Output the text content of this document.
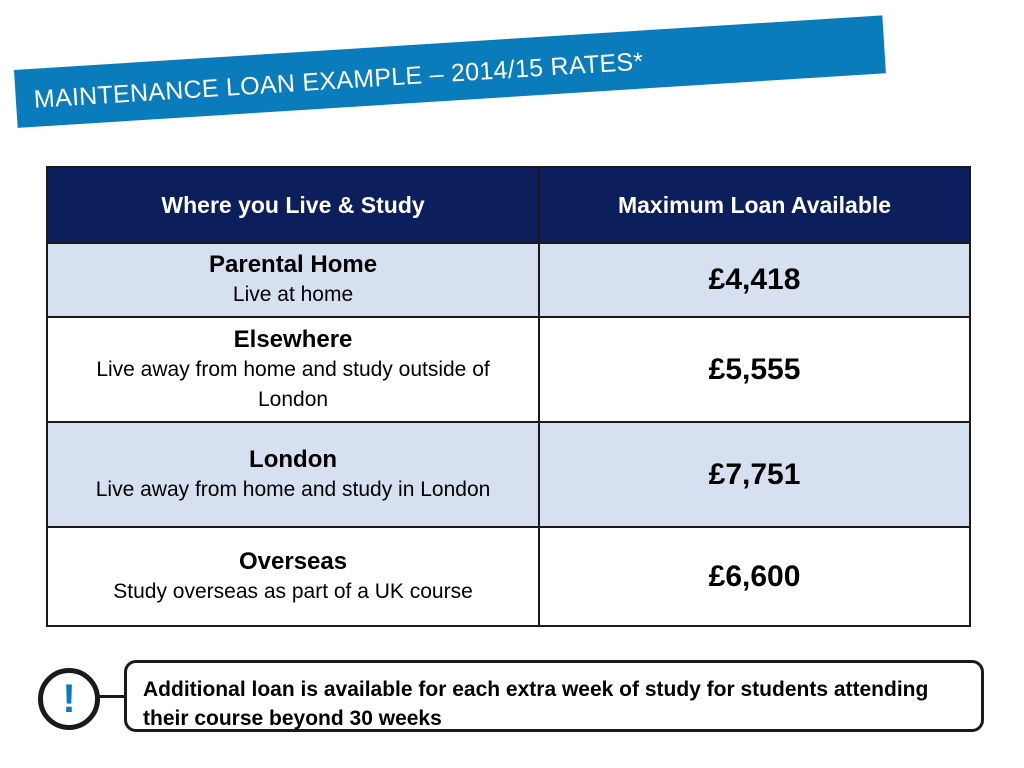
MAINTENANCE LOAN EXAMPLE – 2014/15 RATES*
Where you Live & Study	Maximum Loan Available

Parental Home
Live at home	£4,418

Elsewhere
Live away from home and study outside of London	£5,555

London
Live away from home and study in London	£7,751

Overseas
Study overseas as part of a UK course	£6,600
!	Additional loan is available for each extra week of study for students attending their course beyond 30 weeks
